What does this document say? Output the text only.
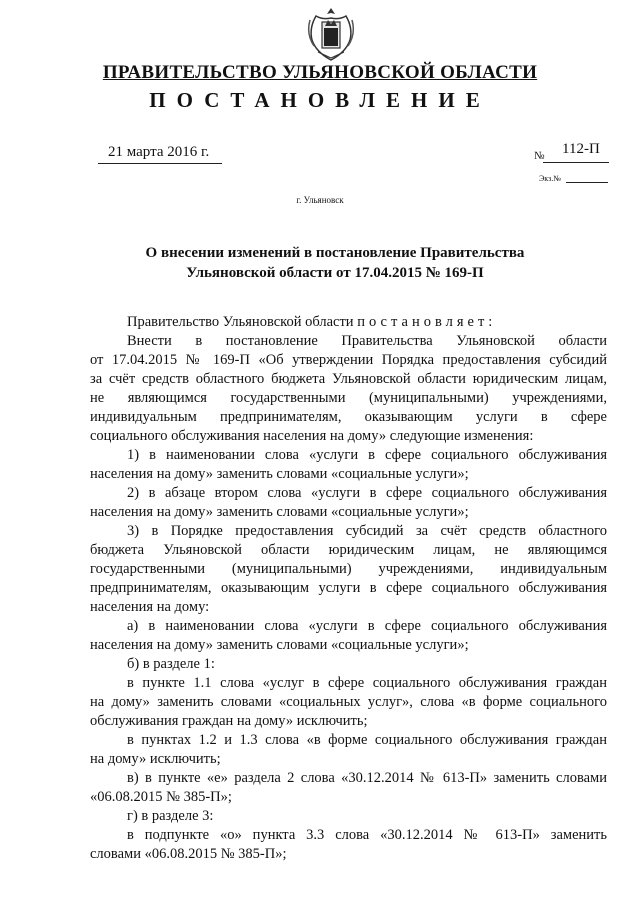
ПРАВИТЕЛЬСТВО УЛЬЯНОВСКОЙ ОБЛАСТИ
ПОСТАНОВЛЕНИЕ
21 марта 2016 г.	№ 112-П
Экз.№
г. Ульяновск
О внесении изменений в постановление Правительства
Ульяновской области от 17.04.2015 № 169-П
Правительство Ульяновской области постановляет:
Внести в постановление Правительства Ульяновской области
от 17.04.2015 № 169-П «Об утверждении Порядка предоставления субсидий
за счёт средств областного бюджета Ульяновской области юридическим лицам,
не являющимся государственными (муниципальными) учреждениями,
индивидуальным предпринимателям, оказывающим услуги в сфере
социального обслуживания населения на дому» следующие изменения:
1) в наименовании слова «услуги в сфере социального обслуживания
населения на дому» заменить словами «социальные услуги»;
2) в абзаце втором слова «услуги в сфере социального обслуживания
населения на дому» заменить словами «социальные услуги»;
3) в Порядке предоставления субсидий за счёт средств областного
бюджета Ульяновской области юридическим лицам, не являющимся
государственными (муниципальными) учреждениями, индивидуальным
предпринимателям, оказывающим услуги в сфере социального обслуживания
населения на дому:
а) в наименовании слова «услуги в сфере социального обслуживания
населения на дому» заменить словами «социальные услуги»;
б) в разделе 1:
в пункте 1.1 слова «услуг в сфере социального обслуживания граждан
на дому» заменить словами «социальных услуг», слова «в форме социального
обслуживания граждан на дому» исключить;
в пунктах 1.2 и 1.3 слова «в форме социального обслуживания граждан
на дому» исключить;
в) в пункте «е» раздела 2 слова «30.12.2014 № 613-П» заменить словами
«06.08.2015 № 385-П»;
г) в разделе 3:
в подпункте «о» пункта 3.3 слова «30.12.2014 № 613-П» заменить
словами «06.08.2015 № 385-П»;
